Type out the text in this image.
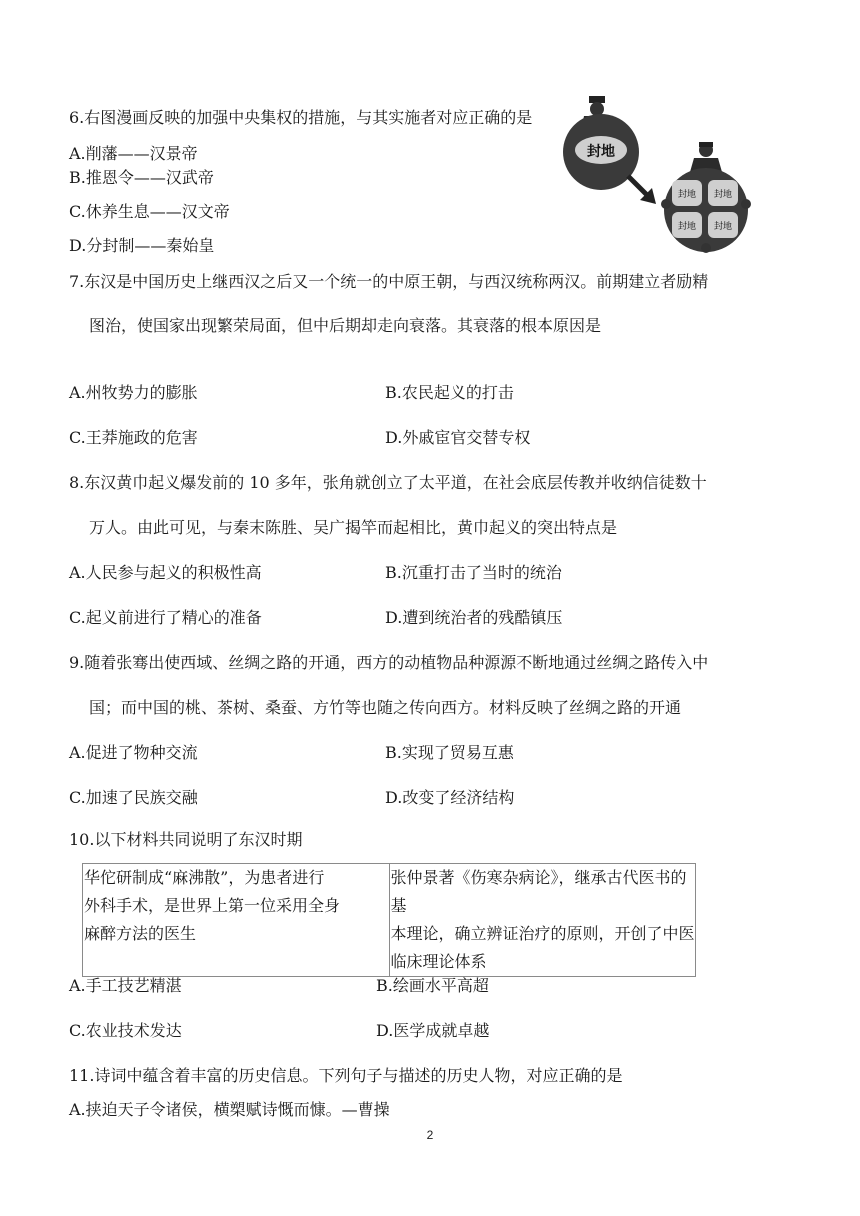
6.右图漫画反映的加强中央集权的措施，与其实施者对应正确的是
A.削藩——汉景帝
B.推恩令——汉武帝
C.休养生息——汉文帝
D.分封制——秦始皇
封地
封地 封地
封地 封地
7.东汉是中国历史上继西汉之后又一个统一的中原王朝，与西汉统称两汉。前期建立者励精
图治，使国家出现繁荣局面，但中后期却走向衰落。其衰落的根本原因是
A.州牧势力的膨胀	B.农民起义的打击
C.王莽施政的危害	D.外戚宦官交替专权
8.东汉黄巾起义爆发前的 10 多年，张角就创立了太平道，在社会底层传教并收纳信徒数十
万人。由此可见，与秦末陈胜、吴广揭竿而起相比，黄巾起义的突出特点是
A.人民参与起义的积极性高	B.沉重打击了当时的统治
C.起义前进行了精心的准备	D.遭到统治者的残酷镇压
9.随着张骞出使西域、丝绸之路的开通，西方的动植物品种源源不断地通过丝绸之路传入中
国；而中国的桃、茶树、桑蚕、方竹等也随之传向西方。材料反映了丝绸之路的开通
A.促进了物种交流	B.实现了贸易互惠
C.加速了民族交融	D.改变了经济结构
10.以下材料共同说明了东汉时期
华佗研制成“麻沸散”，为患者进行
外科手术，是世界上第一位采用全身
麻醉方法的医生

张仲景著《伤寒杂病论》，继承古代医书的基
本理论，确立辨证治疗的原则，开创了中医
临床理论体系
A.手工技艺精湛	B.绘画水平高超
C.农业技术发达	D.医学成就卓越
11.诗词中蕴含着丰富的历史信息。下列句子与描述的历史人物，对应正确的是
A.挟迫天子令诸侯，横槊赋诗慨而慷。—曹操
2
